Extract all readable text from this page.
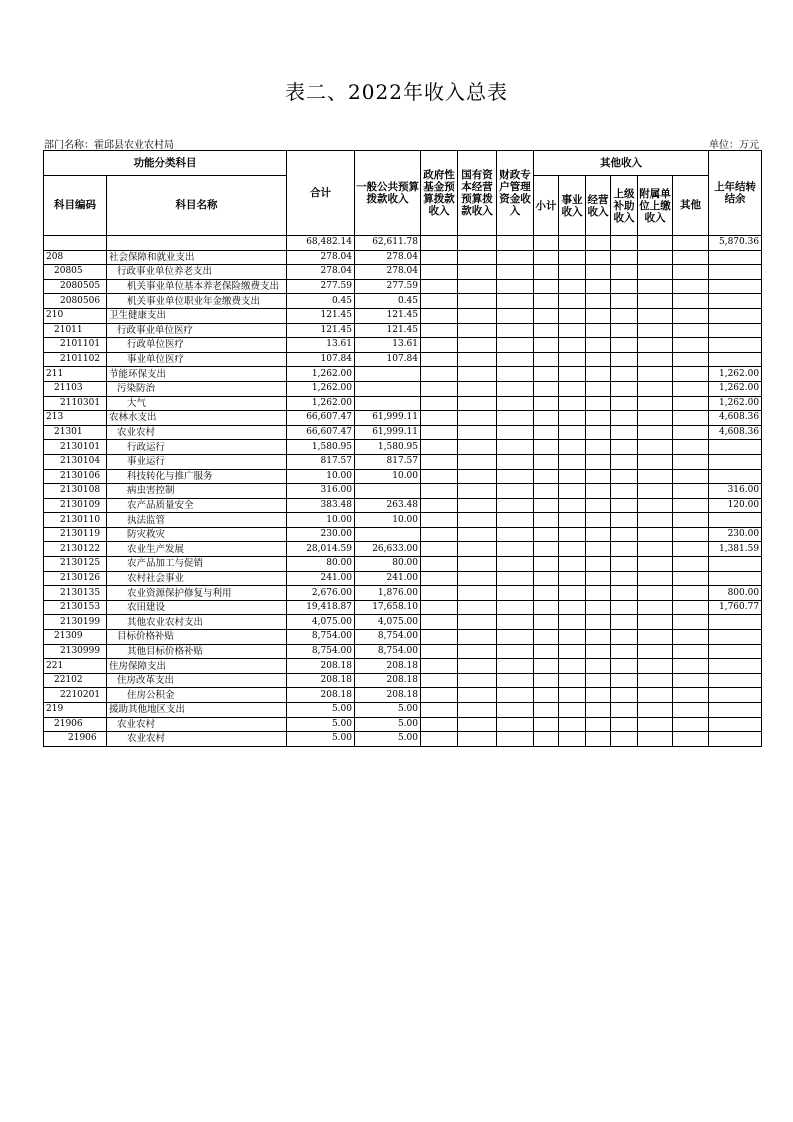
表二、2022年收入总表
部门名称：霍邱县农业农村局	单位：万元
功能分类科目		合计	一般公共预算拨款收入	政府性基金预算拨款收入	国有资本经营预算拨款收入	财政专户管理资金收入	其他收入						上年结转结余
科目编码	科目名称						小计	事业收入	经营收入	上级补助收入	附属单位上缴收入	其他	
		68,482.14	62,611.78										5,870.36
208	社会保障和就业支出	278.04	278.04										
20805	行政事业单位养老支出	278.04	278.04										
2080505	机关事业单位基本养老保险缴费支出	277.59	277.59										
2080506	机关事业单位职业年金缴费支出	0.45	0.45										
210	卫生健康支出	121.45	121.45										
21011	行政事业单位医疗	121.45	121.45										
2101101	行政单位医疗	13.61	13.61										
2101102	事业单位医疗	107.84	107.84										
211	节能环保支出	1,262.00											1,262.00
21103	污染防治	1,262.00											1,262.00
2110301	大气	1,262.00											1,262.00
213	农林水支出	66,607.47	61,999.11										4,608.36
21301	农业农村	66,607.47	61,999.11										4,608.36
2130101	行政运行	1,580.95	1,580.95										
2130104	事业运行	817.57	817.57										
2130106	科技转化与推广服务	10.00	10.00										
2130108	病虫害控制	316.00											316.00
2130109	农产品质量安全	383.48	263.48										120.00
2130110	执法监管	10.00	10.00										
2130119	防灾救灾	230.00											230.00
2130122	农业生产发展	28,014.59	26,633.00										1,381.59
2130125	农产品加工与促销	80.00	80.00										
2130126	农村社会事业	241.00	241.00										
2130135	农业资源保护修复与利用	2,676.00	1,876.00										800.00
2130153	农田建设	19,418.87	17,658.10										1,760.77
2130199	其他农业农村支出	4,075.00	4,075.00										
21309	目标价格补贴	8,754.00	8,754.00										
2130999	其他目标价格补贴	8,754.00	8,754.00										
221	住房保障支出	208.18	208.18										
22102	住房改革支出	208.18	208.18										
2210201	住房公积金	208.18	208.18										
219	援助其他地区支出	5.00	5.00										
21906	农业农村	5.00	5.00										
21906	农业农村	5.00	5.00										
